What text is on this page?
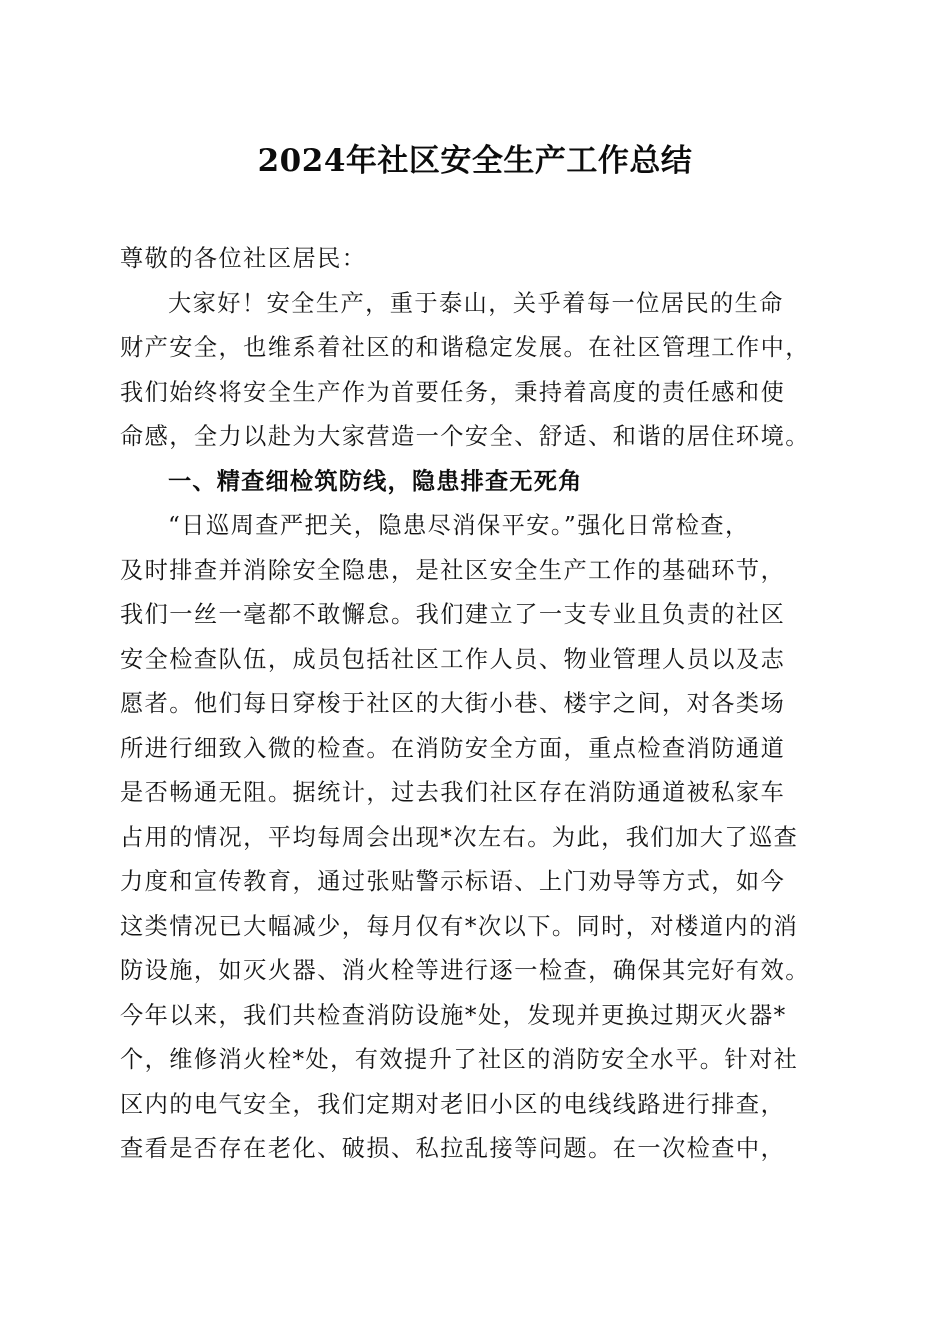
2024年社区安全生产工作总结
尊敬的各位社区居民：
大家好！安全生产，重于泰山，关乎着每一位居民的生命
财产安全，也维系着社区的和谐稳定发展。在社区管理工作中，
我们始终将安全生产作为首要任务，秉持着高度的责任感和使
命感，全力以赴为大家营造一个安全、舒适、和谐的居住环境。
一、精查细检筑防线，隐患排查无死角
“日巡周查严把关，隐患尽消保平安。”强化日常检查，
及时排查并消除安全隐患，是社区安全生产工作的基础环节，
我们一丝一毫都不敢懈怠。我们建立了一支专业且负责的社区
安全检查队伍，成员包括社区工作人员、物业管理人员以及志
愿者。他们每日穿梭于社区的大街小巷、楼宇之间，对各类场
所进行细致入微的检查。在消防安全方面，重点检查消防通道
是否畅通无阻。据统计，过去我们社区存在消防通道被私家车
占用的情况，平均每周会出现*次左右。为此，我们加大了巡查
力度和宣传教育，通过张贴警示标语、上门劝导等方式，如今
这类情况已大幅减少，每月仅有*次以下。同时，对楼道内的消
防设施，如灭火器、消火栓等进行逐一检查，确保其完好有效。
今年以来，我们共检查消防设施*处，发现并更换过期灭火器*
个，维修消火栓*处，有效提升了社区的消防安全水平。针对社
区内的电气安全，我们定期对老旧小区的电线线路进行排查，
查看是否存在老化、破损、私拉乱接等问题。在一次检查中，
